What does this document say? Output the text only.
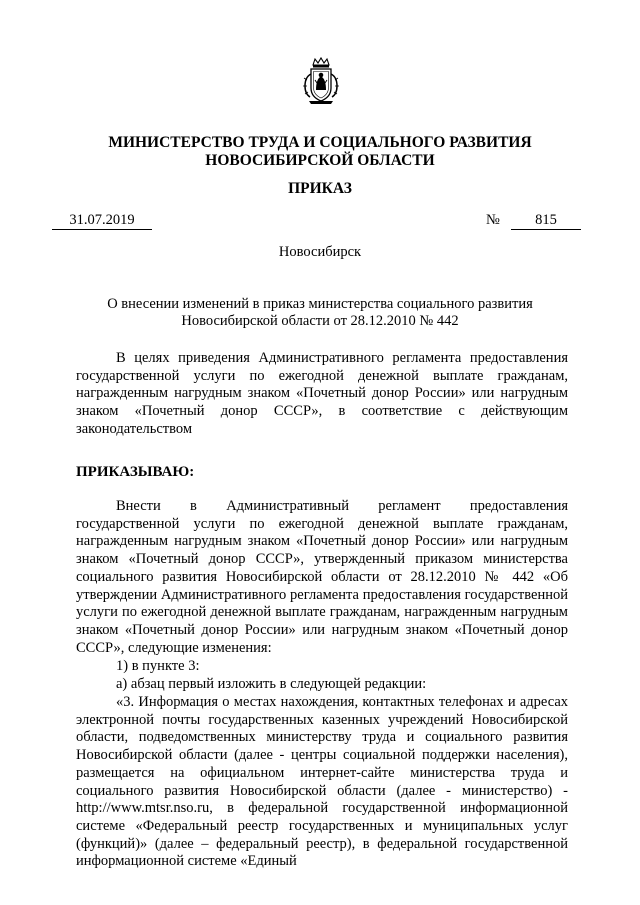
МИНИСТЕРСТВО ТРУДА И СОЦИАЛЬНОГО РАЗВИТИЯ
НОВОСИБИРСКОЙ ОБЛАСТИ
ПРИКАЗ
31.07.2019	№	815
Новосибирск
О внесении изменений в приказ министерства социального развития
Новосибирской области от 28.12.2010 № 442

В целях приведения Административного регламента предоставления государственной услуги по ежегодной денежной выплате гражданам, награжденным нагрудным знаком «Почетный донор России» или нагрудным знаком «Почетный донор СССР», в соответствие с действующим законодательством

ПРИКАЗЫВАЮ:

Внести в Административный регламент предоставления государственной услуги по ежегодной денежной выплате гражданам, награжденным нагрудным знаком «Почетный донор России» или нагрудным знаком «Почетный донор СССР», утвержденный приказом министерства социального развития Новосибирской области от 28.12.2010 № 442 «Об утверждении Административного регламента предоставления государственной услуги по ежегодной денежной выплате гражданам, награжденным нагрудным знаком «Почетный донор России» или нагрудным знаком «Почетный донор СССР», следующие изменения:

1) в пункте 3:

а) абзац первый изложить в следующей редакции:

«3. Информация о местах нахождения, контактных телефонах и адресах электронной почты государственных казенных учреждений Новосибирской области, подведомственных министерству труда и социального развития Новосибирской области (далее - центры социальной поддержки населения), размещается на официальном интернет-сайте министерства труда и социального развития Новосибирской области (далее - министерство) - http://www.mtsr.nso.ru, в федеральной государственной информационной системе «Федеральный реестр государственных и муниципальных услуг (функций)» (далее – федеральный реестр), в федеральной государственной информационной системе «Единый
